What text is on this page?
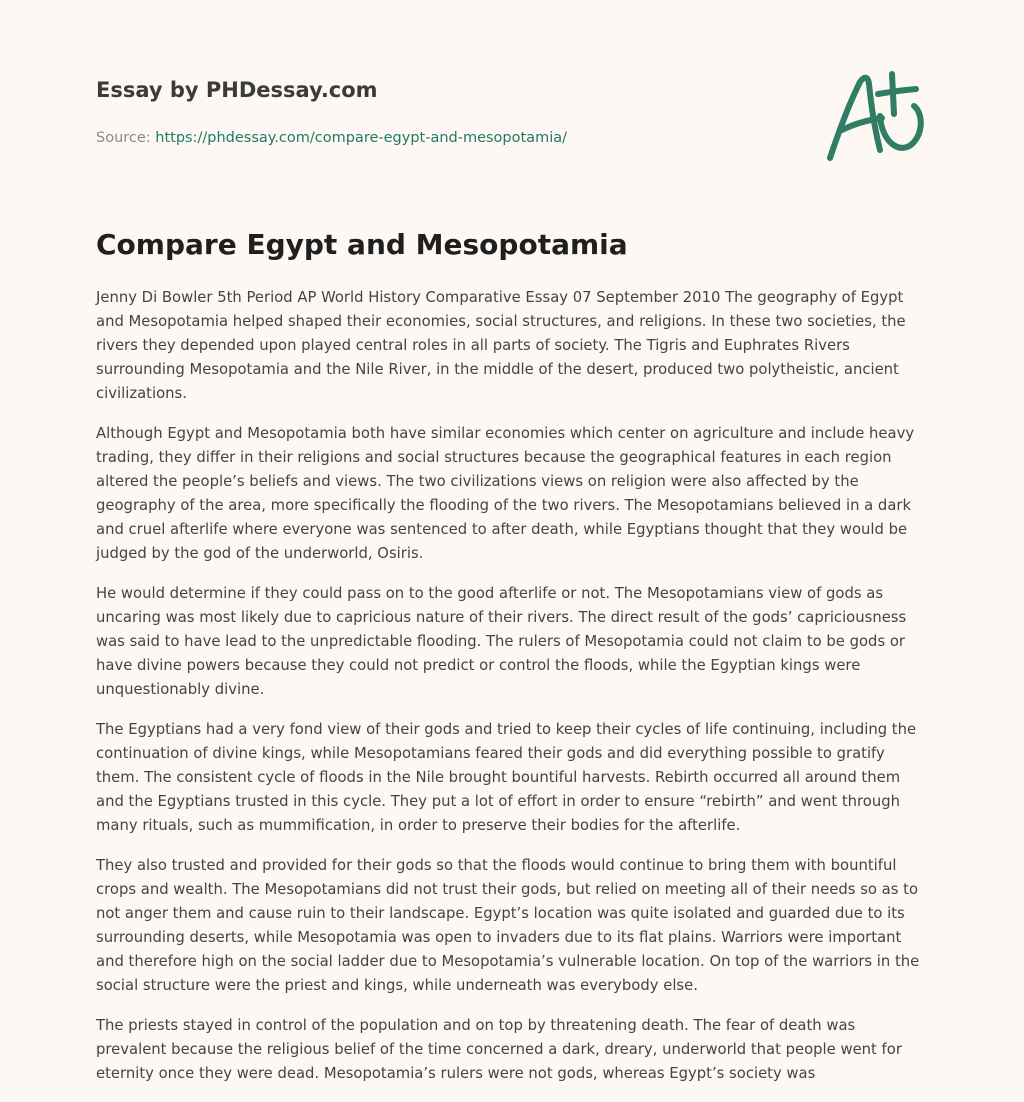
Essay by PHDessay.com
Source: https://phdessay.com/compare-egypt-and-mesopotamia/
Compare Egypt and Mesopotamia

Jenny Di Bowler 5th Period AP World History Comparative Essay 07 September 2010 The geography of Egypt and Mesopotamia helped shaped their economies, social structures, and religions. In these two societies, the rivers they depended upon played central roles in all parts of society. The Tigris and Euphrates Rivers surrounding Mesopotamia and the Nile River, in the middle of the desert, produced two polytheistic, ancient civilizations.

Although Egypt and Mesopotamia both have similar economies which center on agriculture and include heavy trading, they differ in their religions and social structures because the geographical features in each region altered the people’s beliefs and views. The two civilizations views on religion were also affected by the geography of the area, more specifically the flooding of the two rivers. The Mesopotamians believed in a dark and cruel afterlife where everyone was sentenced to after death, while Egyptians thought that they would be judged by the god of the underworld, Osiris.

He would determine if they could pass on to the good afterlife or not. The Mesopotamians view of gods as uncaring was most likely due to capricious nature of their rivers. The direct result of the gods’ capriciousness was said to have lead to the unpredictable flooding. The rulers of Mesopotamia could not claim to be gods or have divine powers because they could not predict or control the floods, while the Egyptian kings were unquestionably divine.

The Egyptians had a very fond view of their gods and tried to keep their cycles of life continuing, including the continuation of divine kings, while Mesopotamians feared their gods and did everything possible to gratify them. The consistent cycle of floods in the Nile brought bountiful harvests. Rebirth occurred all around them and the Egyptians trusted in this cycle. They put a lot of effort in order to ensure “rebirth” and went through many rituals, such as mummification, in order to preserve their bodies for the afterlife.

They also trusted and provided for their gods so that the floods would continue to bring them with bountiful crops and wealth. The Mesopotamians did not trust their gods, but relied on meeting all of their needs so as to not anger them and cause ruin to their landscape. Egypt’s location was quite isolated and guarded due to its surrounding deserts, while Mesopotamia was open to invaders due to its flat plains. Warriors were important and therefore high on the social ladder due to Mesopotamia’s vulnerable location. On top of the warriors in the social structure were the priest and kings, while underneath was everybody else.

The priests stayed in control of the population and on top by threatening death. The fear of death was prevalent because the religious belief of the time concerned a dark, dreary, underworld that people went for eternity once they were dead. Mesopotamia’s rulers were not gods, whereas Egypt’s society was
